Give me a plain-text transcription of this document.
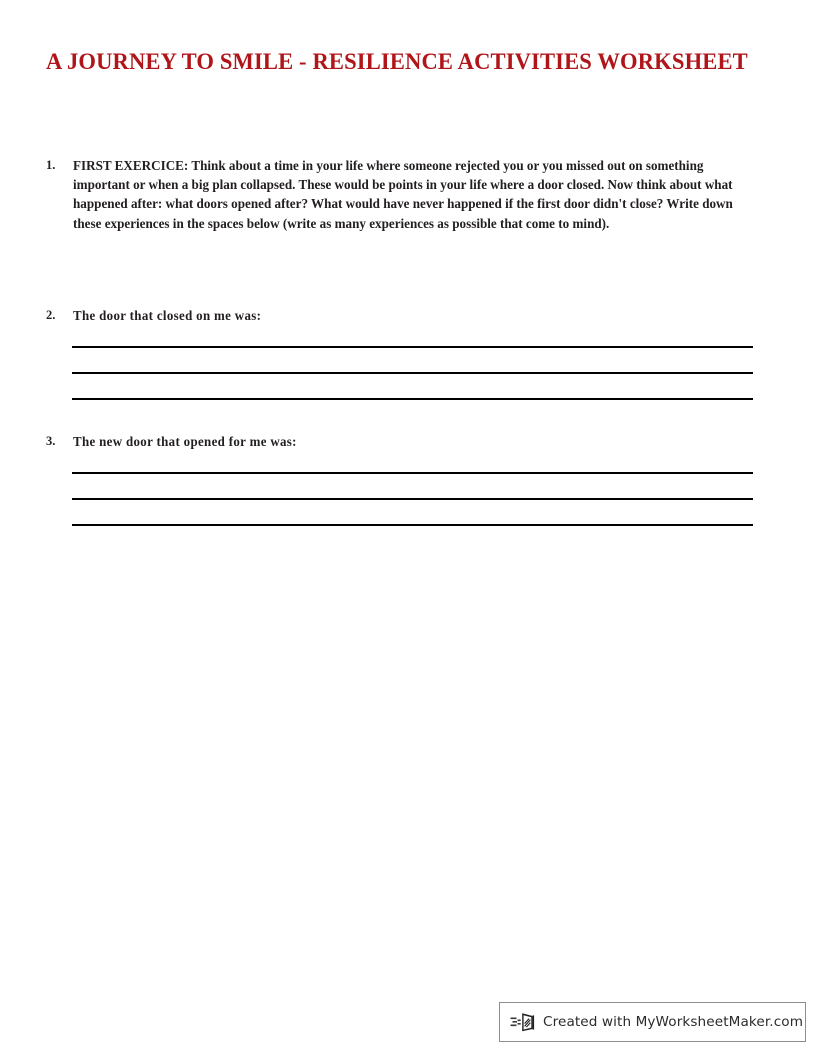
A JOURNEY TO SMILE - RESILIENCE ACTIVITIES WORKSHEET
1.	FIRST EXERCICE: Think about a time in your life where someone rejected you or you missed out on something important or when a big plan collapsed. These would be points in your life where a door closed. Now think about what happened after: what doors opened after? What would have never happened if the first door didn't close? Write down these experiences in the spaces below (write as many experiences as possible that come to mind).
2.	The door that closed on me was:
3.	The new door that opened for me was:
Created with MyWorksheetMaker.com
